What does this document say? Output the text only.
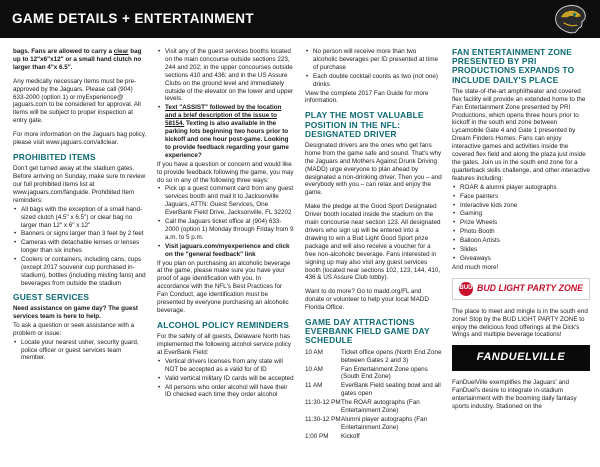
GAME DETAILS + ENTERTAINMENT

bags. Fans are allowed to carry a clear bag up to 12"x6"x12" or a small hand clutch no larger than 4"x 6.5".

Any medically necessary items must be pre-approved by the Jaguars. Please call (904) 633-2000 (option 1) or myExperience@ jaguars.com to be considered for approval. All items will be subject to proper inspection at entry gate.

For more information on the Jaguars bag policy, please visit www.jaguars.com/allclear.

PROHIBITED ITEMS

Don't get turned away at the stadium gates. Before arriving on Sunday, make sure to review our full prohibited items list at www.jaguars.com/fanguide. Prohibited Item reminders:

• All bags with the exception of a small hand-sized clutch (4.5" x 6.5") or clear bag no larger than 12" x 6" x 12"
• Banners or signs larger than 3 feet by 2 feet
• Cameras with detachable lenses or lenses longer than six inches
• Coolers or containers, including cans, cups (except 2017 souvenir cup purchased in-stadium), bottles (including misting fans) and beverages from outside the stadium
GUEST SERVICES

Need assistance on game day? The guest services team is here to help.

To ask a question or seek assistance with a problem or issue:

• Locate your nearest usher, security guard, police officer or guest services team member.
• Visit any of the guest services booths located on the main concourse outside sections 223, 244 and 202; in the upper concourses outside sections 410 and 436; and in the US Assure Clubs on the ground level and immediately outside of the elevator on the lower and upper levels.
• Text "ASSIST" followed by the location and a brief description of the issue to 58154. Texting is also available in the parking lots beginning two hours prior to kickoff and one hour post-game. Looking to provide feedback regarding your game experience?

If you have a question or concern and would like to provide feedback following the game, you may do so in any of the following three ways:

• Pick up a guest comment card from any guest services booth and mail it to Jacksonville Jaguars, ATTN: Guest Services, One EverBank Field Drive, Jacksonville, FL 32202
• Call the Jaguars ticket office at (904) 633-2000 (option 1) Monday through Friday from 9 a.m. to 5 p.m.
• Visit jaguars.com/myexperience and click on the "general feedback" link

If you plan on purchasing an alcoholic beverage at the game, please make sure you have your proof of age identification with you. In accordance with the NFL's Best Practices for Fan Conduct, age identification must be presented by everyone purchasing an alcoholic beverage.

ALCOHOL POLICY REMINDERS

For the safety of all guests, Delaware North has implemented the following alcohol service policy at EverBank Field:

• Vertical drivers licenses from any state will NOT be accepted as a valid for of ID
• Valid vertical military ID cards will be accepted
• All persons who order alcohol will have their ID checked each time they order alcohol
• No person will receive more than two alcoholic beverages per ID presented at time of purchase
• Each double cocktail counts as two (not one) drinks

View the complete 2017 Fan Guide for more information.

PLAY THE MOST VALUABLE POSITION IN THE NFL: DESIGNATED DRIVER

Designated drivers are the ones who get fans home from the game safe and sound. That's why the Jaguars and Mothers Against Drunk Driving (MADD) urge everyone to plan ahead by designated a non-drinking driver. Then you – and everybody with you – can relax and enjoy the game.

Make the pledge at the Good Sport Designated Driver booth located inside the stadium on the main concourse near section 123. All designated drivers who sign up will be entered into a drawing to win a Bud Light Good Sport prize package and will also receive a voucher for a free non-alcoholic beverage. Fans interested in signing up may also visit any guest services booth (located near sections 102, 123, 144, 410, 436 & US Assure Club lobby).

Want to do more? Go to madd.org/FL and donate or volunteer to help your local MADD Florida Office.

GAME DAY ATTRACTIONS EVERBANK FIELD GAME DAY SCHEDULE
10 AM	Ticket office opens (North End Zone between Gates 2 and 3)
10 AM	Fan Entertainment Zone opens (South End Zone)
11 AM	EverBank Field seating bowl and all gates open
11:30-12 PM	The ROAR autographs (Fan Entertainment Zone)
11:30-12 PM	Alumni player autographs (Fan Entertainment Zone)
1:00 PM	Kickoff
FAN ENTERTAINMENT ZONE PRESENTED BY PRI PRODUCTIONS EXPANDS TO INCLUDE DAILY'S PLACE

The state-of-the-art amphitheater and covered flex facility will provide an extended home to the Fan Entertainment Zone presented by PRI Productions, which opens three hours prior to kickoff in the south end zone between Lycamobile Gate 4 and Gate 1 presented by Dream Finders Homes. Fans can enjoy interactive games and activities inside the covered flex field and along the plaza just inside the gates. Join us in the south end zone for a quarterback skills challenge, and other interactive features including:

• ROAR & alumni player autographs
• Face painters
• Interactive kids zone
• Gaming
• Prize Wheels
• Photo Booth
• Balloon Artists
• Slides
• Giveaways

And much more!

BUD BUD LIGHT PARTY ZONE

The place to meet and mingle is in the south end zone! Stop by the BUD LIGHT PARTY ZONE to enjoy the delicious food offerings at the Dick's Wings and multiple beverage locations!

FANDUELVILLE

FanDuelVille exemplifies the Jaguars' and FanDuel's desire to integrate in-stadium entertainment with the booming daily fantasy sports industry. Stationed on the
